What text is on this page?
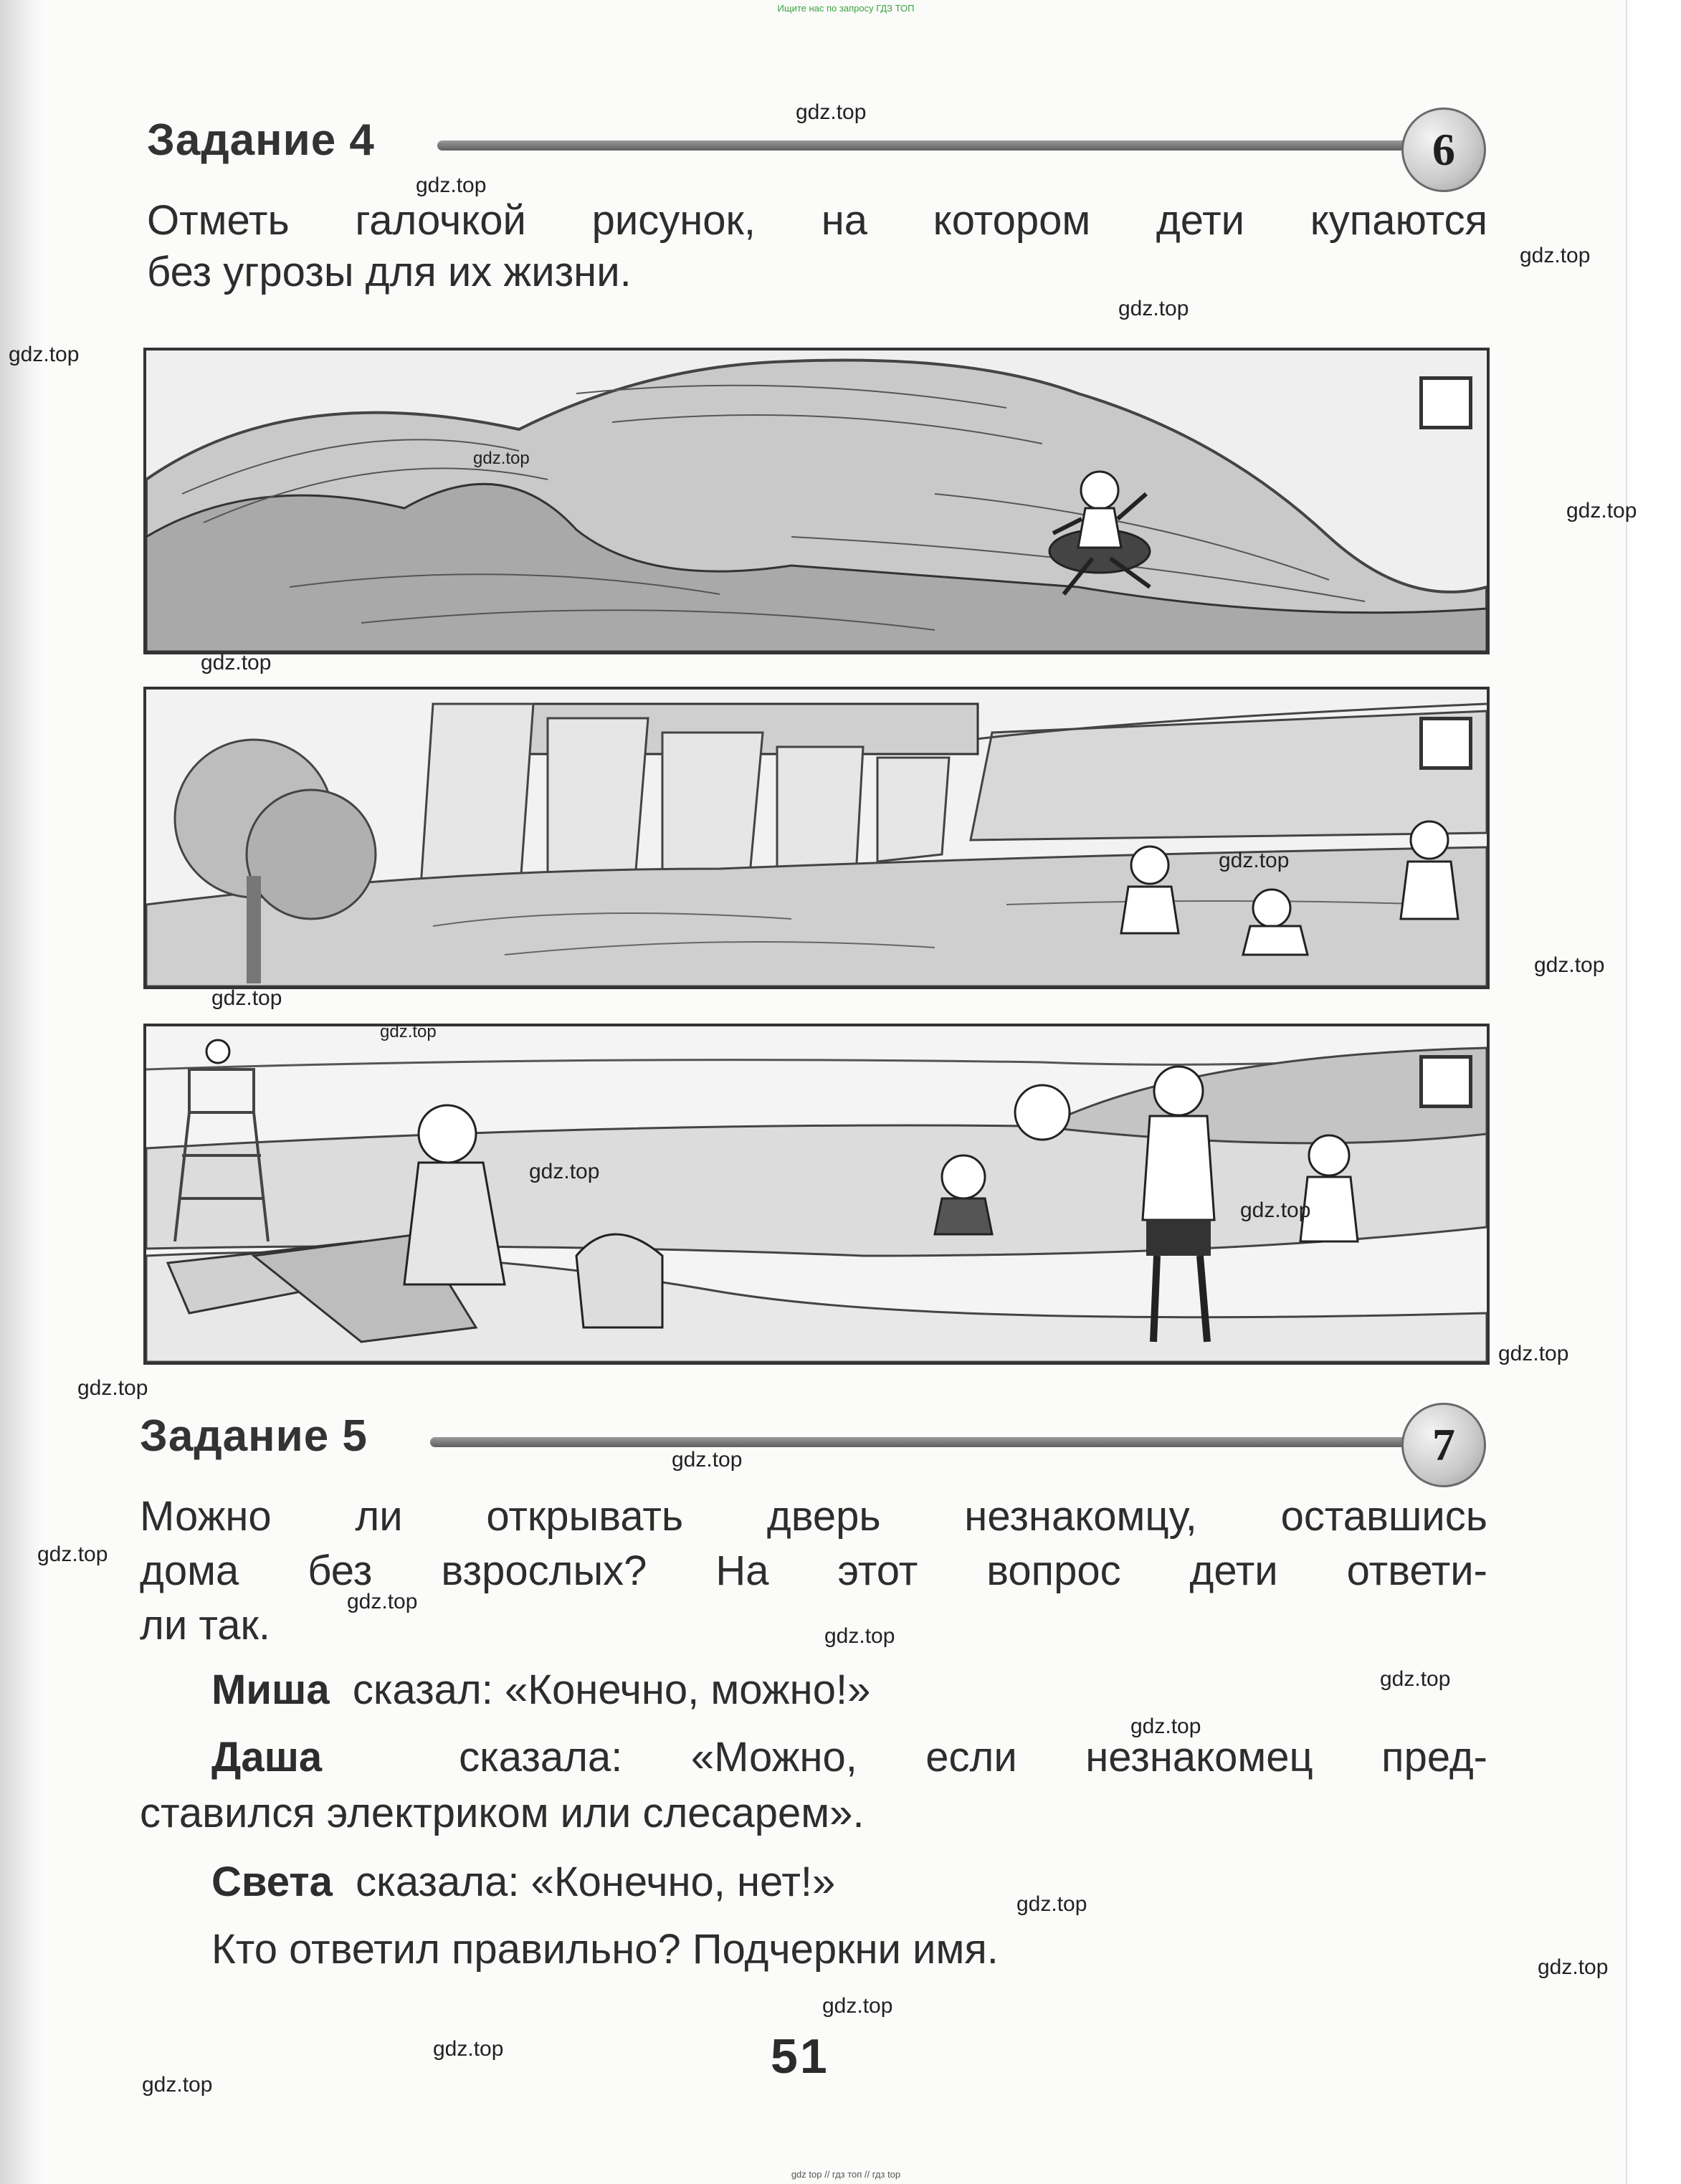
Ищите нас по запросу ГДЗ ТОП
Задание 4	6
Отметь галочкой рисунок, на котором дети купаются
без угрозы для их жизни.
Задание 5	7
Можно ли открывать дверь незнакомцу, оставшись
дома без взрослых? На этот вопрос дети ответи-
ли так.
Миша сказал: «Конечно, можно!»
Даша	сказала: «Можно, если незнакомец пред-
ставился электриком или слесарем».
Света сказала: «Конечно, нет!»
Кто ответил правильно? Подчеркни имя.
51
gdz top // гдз топ // гдз top
gdz.top
gdz.top
gdz.top
gdz.top
gdz.top
gdz.top
gdz.top
gdz.top
gdz.top
gdz.top
gdz.top
gdz.top
gdz.top
gdz.top
gdz.top
gdz.top
gdz.top
gdz.top
gdz.top
gdz.top
gdz.top
gdz.top
gdz.top
gdz.top
gdz.top
gdz.top
gdz.top
